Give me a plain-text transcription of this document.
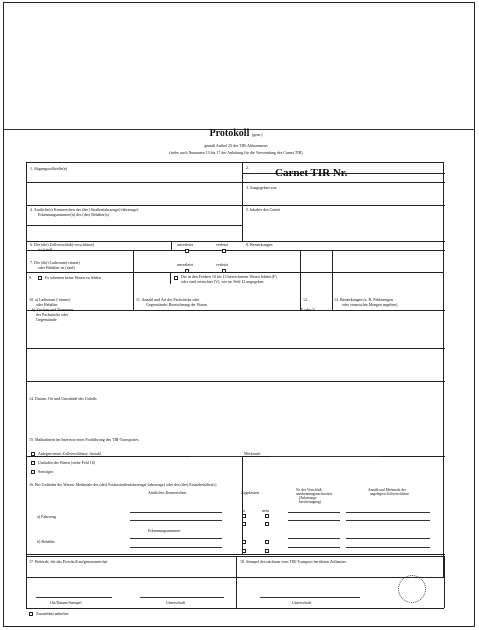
Protokoll (gem.)
gemäß Artikel 25 des TIR-Abkommens
(siehe auch Nummern 13 bis 17 der Anleitung für die Verwendung des Carnet TIR)
1. Abgangszollstelle(n)	2. Carnet TIR Nr.
3. Ausgegeben von
4. Amtliche(s) Kennzeichen des (der) Straßenfahrzeugs(-fahrzeuge)
Erkennungsnummer(n) des (der) Behälter(s)
5. Inhaber des Carnet
6. Der (die) Zollverschluß(-verschlüsse)
ist (sind)
unverletzt	verletzt	8. Bemerkungen
7. Der (die) Laderaum(-räume)
oder Behälter ist (sind)
unverletzt	verletzt
9.	Es scheinen keine Waren zu fehlen	Die in den Feldern 10 bis 13 bezeichneten Waren fehlen (F)
oder sind vernichtet (V), wie im Feld 12 angegeben
10. a) Laderaum (-räume)
oder Behälter
b) Zeichen und Nummern
der Packstücke oder
Gegenstände
11. Anzahl und Art der Packstücke oder
Gegenstände; Bezeichnung der Waren
12.
F oder V
13. Bemerkungen (z. B. Fehlmengen
oder vermischte Mengen angeben)
14. Datum, Ort und Umstände des Unfalls
15. Maßnahmen im Interesse einer Fortführung des TIR-Transportes
Anlegen neuer Zollverschlüsse: Anzahl	Merkmale
Umladen der Waren (siehe Feld 16)
Sonstiges
16. Bei Umladen der Waren: Merkmale des (der) Ersatzstraßenfahrzeugs(-fahrzeuge) oder des (der) Ersatzbehälter(s)
Amtliches Kennzeichen	Zugelassen	Nr. des Verschluß-
anerkennungsnachweises
(Zulassungs-
bescheinigung)
Anzahl und Merkmale der
angelegten Zollverschlüsse
ja	nein
a) Fahrzeug
Erkennungsnummer
b) Behälter
17. Behörde, die das Protokoll aufgenommen hat
Ort/Datum/Stempel	Unterschrift
18. Stempel des nächsten vom TIR-Transport berührten Zollamtes
Unterschrift
Zusatzblatt anheften
